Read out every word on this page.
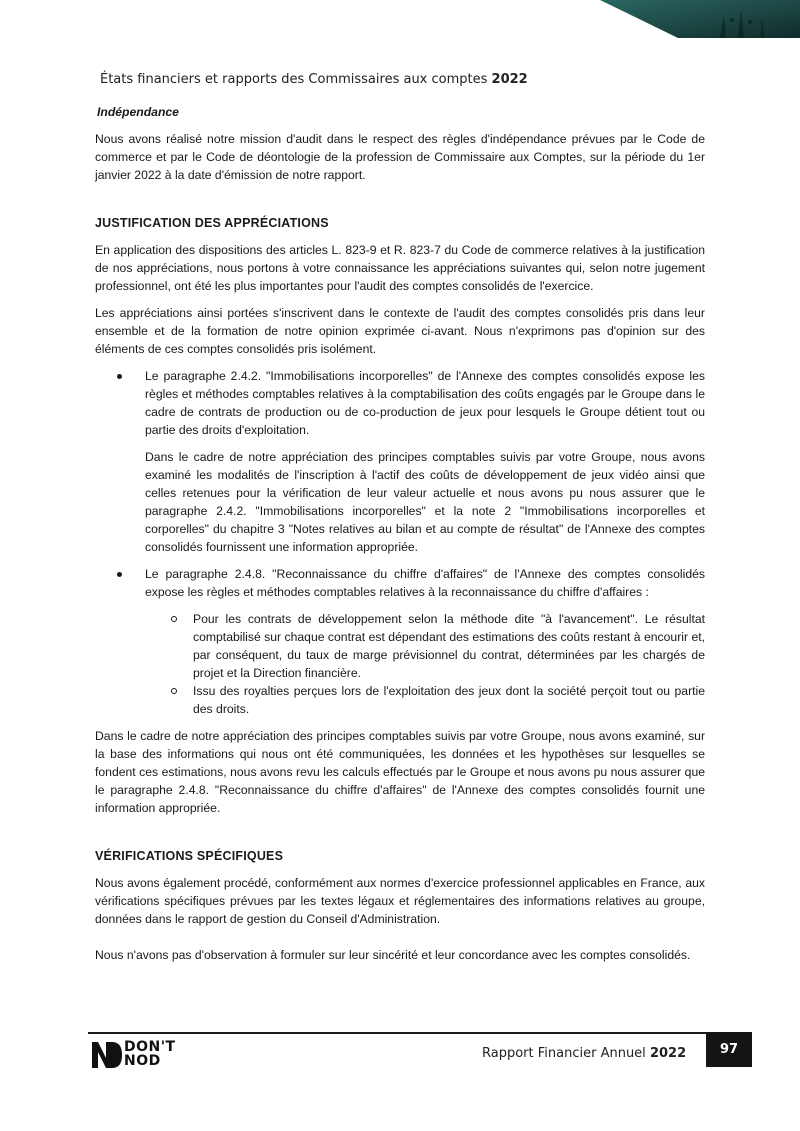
États financiers et rapports des Commissaires aux comptes 2022

Indépendance

Nous avons réalisé notre mission d'audit dans le respect des règles d'indépendance prévues par le Code de commerce et par le Code de déontologie de la profession de Commissaire aux Comptes, sur la période du 1er janvier 2022 à la date d'émission de notre rapport.

JUSTIFICATION DES APPRÉCIATIONS

En application des dispositions des articles L. 823-9 et R. 823-7 du Code de commerce relatives à la justification de nos appréciations, nous portons à votre connaissance les appréciations suivantes qui, selon notre jugement professionnel, ont été les plus importantes pour l'audit des comptes consolidés de l'exercice.

Les appréciations ainsi portées s'inscrivent dans le contexte de l'audit des comptes consolidés pris dans leur ensemble et de la formation de notre opinion exprimée ci-avant. Nous n'exprimons pas d'opinion sur des éléments de ces comptes consolidés pris isolément.

Le paragraphe 2.4.2. "Immobilisations incorporelles" de l'Annexe des comptes consolidés expose les règles et méthodes comptables relatives à la comptabilisation des coûts engagés par le Groupe dans le cadre de contrats de production ou de co-production de jeux pour lesquels le Groupe détient tout ou partie des droits d'exploitation.

Dans le cadre de notre appréciation des principes comptables suivis par votre Groupe, nous avons examiné les modalités de l'inscription à l'actif des coûts de développement de jeux vidéo ainsi que celles retenues pour la vérification de leur valeur actuelle et nous avons pu nous assurer que le paragraphe 2.4.2. "Immobilisations incorporelles" et la note 2 "Immobilisations incorporelles et corporelles" du chapitre 3 "Notes relatives au bilan et au compte de résultat" de l'Annexe des comptes consolidés fournissent une information appropriée.

Le paragraphe 2.4.8. "Reconnaissance du chiffre d'affaires" de l'Annexe des comptes consolidés expose les règles et méthodes comptables relatives à la reconnaissance du chiffre d'affaires :

Pour les contrats de développement selon la méthode dite "à l'avancement". Le résultat comptabilisé sur chaque contrat est dépendant des estimations des coûts restant à encourir et, par conséquent, du taux de marge prévisionnel du contrat, déterminées par les chargés de projet et la Direction financière.

Issu des royalties perçues lors de l'exploitation des jeux dont la société perçoit tout ou partie des droits.

Dans le cadre de notre appréciation des principes comptables suivis par votre Groupe, nous avons examiné, sur la base des informations qui nous ont été communiquées, les données et les hypothèses sur lesquelles se fondent ces estimations, nous avons revu les calculs effectués par le Groupe et nous avons pu nous assurer que le paragraphe 2.4.8. "Reconnaissance du chiffre d'affaires" de l'Annexe des comptes consolidés fournit une information appropriée.

VÉRIFICATIONS SPÉCIFIQUES

Nous avons également procédé, conformément aux normes d'exercice professionnel applicables en France, aux vérifications spécifiques prévues par les textes légaux et réglementaires des informations relatives au groupe, données dans le rapport de gestion du Conseil d'Administration.

Nous n'avons pas d'observation à formuler sur leur sincérité et leur concordance avec les comptes consolidés.

DON'T
NOD	Rapport Financier Annuel 2022	97
